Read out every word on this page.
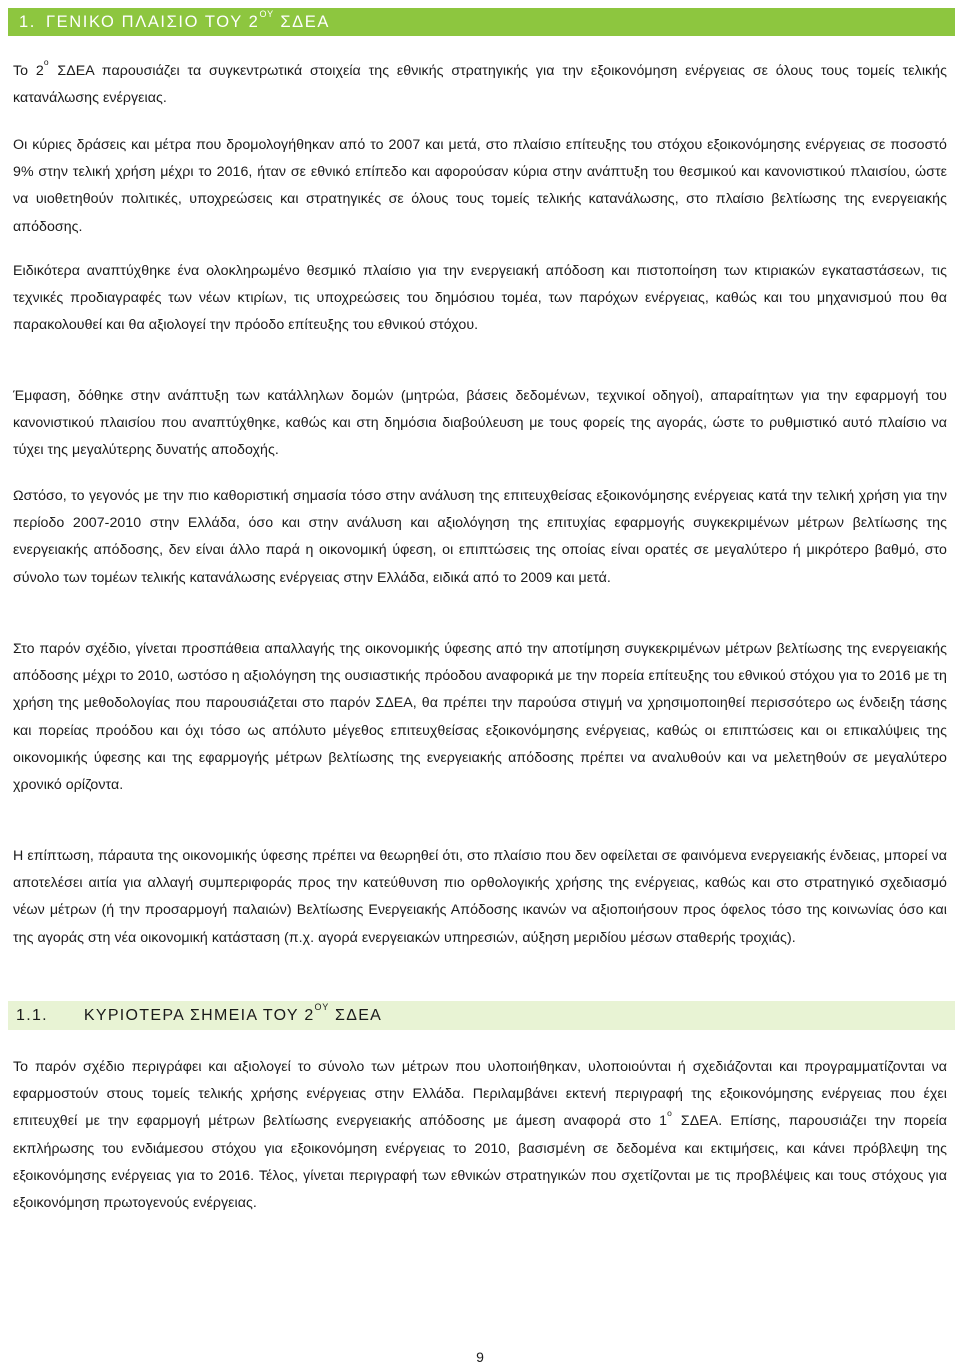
1. ΓΕΝΙΚΟ ΠΛΑΙΣΙΟ ΤΟΥ $2^{O\Upsilon}$ ΣΔΕΑ

Το $2^o$ ΣΔΕΑ παρουσιάζει τα συγκεντρωτικά στοιχεία της εθνικής στρατηγικής για την εξοικονόμηση ενέργειας σε όλους τους τομείς τελικής κατανάλωσης ενέργειας.

Οι κύριες δράσεις και μέτρα που δρομολογήθηκαν από το 2007 και μετά, στο πλαίσιο επίτευξης του στόχου εξοικονόμησης ενέργειας σε ποσοστό 9% στην τελική χρήση μέχρι το 2016, ήταν σε εθνικό επίπεδο και αφορούσαν κύρια στην ανάπτυξη του θεσμικού και κανονιστικού πλαισίου, ώστε να υιοθετηθούν πολιτικές, υποχρεώσεις και στρατηγικές σε όλους τους τομείς τελικής κατανάλωσης, στο πλαίσιο βελτίωσης της ενεργειακής απόδοσης.

Ειδικότερα αναπτύχθηκε ένα ολοκληρωμένο θεσμικό πλαίσιο για την ενεργειακή απόδοση και πιστοποίηση των κτιριακών εγκαταστάσεων, τις τεχνικές προδιαγραφές των νέων κτιρίων, τις υποχρεώσεις του δημόσιου τομέα, των παρόχων ενέργειας, καθώς και του μηχανισμού που θα παρακολουθεί και θα αξιολογεί την πρόοδο επίτευξης του εθνικού στόχου.

Έμφαση, δόθηκε στην ανάπτυξη των κατάλληλων δομών (μητρώα, βάσεις δεδομένων, τεχνικοί οδηγοί), απαραίτητων για την εφαρμογή του κανονιστικού πλαισίου που αναπτύχθηκε, καθώς και στη δημόσια διαβούλευση με τους φορείς της αγοράς, ώστε το ρυθμιστικό αυτό πλαίσιο να τύχει της μεγαλύτερης δυνατής αποδοχής.

Ωστόσο, το γεγονός με την πιο καθοριστική σημασία τόσο στην ανάλυση της επιτευχθείσας εξοικονόμησης ενέργειας κατά την τελική χρήση για την περίοδο 2007-2010 στην Ελλάδα, όσο και στην ανάλυση και αξιολόγηση της επιτυχίας εφαρμογής συγκεκριμένων μέτρων βελτίωσης της ενεργειακής απόδοσης, δεν είναι άλλο παρά η οικονομική ύφεση, οι επιπτώσεις της οποίας είναι ορατές σε μεγαλύτερο ή μικρότερο βαθμό, στο σύνολο των τομέων τελικής κατανάλωσης ενέργειας στην Ελλάδα, ειδικά από το 2009 και μετά.

Στο παρόν σχέδιο, γίνεται προσπάθεια απαλλαγής της οικονομικής ύφεσης από την αποτίμηση συγκεκριμένων μέτρων βελτίωσης της ενεργειακής απόδοσης μέχρι το 2010, ωστόσο η αξιολόγηση της ουσιαστικής πρόοδου αναφορικά με την πορεία επίτευξης του εθνικού στόχου για το 2016 με τη χρήση της μεθοδολογίας που παρουσιάζεται στο παρόν ΣΔΕΑ, θα πρέπει την παρούσα στιγμή να χρησιμοποιηθεί περισσότερο ως ένδειξη τάσης και πορείας προόδου και όχι τόσο ως απόλυτο μέγεθος επιτευχθείσας εξοικονόμησης ενέργειας, καθώς οι επιπτώσεις και οι επικαλύψεις της οικονομικής ύφεσης και της εφαρμογής μέτρων βελτίωσης της ενεργειακής απόδοσης πρέπει να αναλυθούν και να μελετηθούν σε μεγαλύτερο χρονικό ορίζοντα.

Η επίπτωση, πάραυτα της οικονομικής ύφεσης πρέπει να θεωρηθεί ότι, στο πλαίσιο που δεν οφείλεται σε φαινόμενα ενεργειακής ένδειας, μπορεί να αποτελέσει αιτία για αλλαγή συμπεριφοράς προς την κατεύθυνση πιο ορθολογικής χρήσης της ενέργειας, καθώς και στο στρατηγικό σχεδιασμό νέων μέτρων (ή την προσαρμογή παλαιών) Βελτίωσης Ενεργειακής Απόδοσης ικανών να αξιοποιήσουν προς όφελος τόσο της κοινωνίας όσο και της αγοράς στη νέα οικονομική κατάσταση (π.χ. αγορά ενεργειακών υπηρεσιών, αύξηση μεριδίου μέσων σταθερής τροχιάς).

1.1. ΚΥΡΙΟΤΕΡΑ ΣΗΜΕΙΑ ΤΟΥ $2^{O\Upsilon}$ ΣΔΕΑ

Το παρόν σχέδιο περιγράφει και αξιολογεί το σύνολο των μέτρων που υλοποιήθηκαν, υλοποιούνται ή σχεδιάζονται και προγραμματίζονται να εφαρμοστούν στους τομείς τελικής χρήσης ενέργειας στην Ελλάδα. Περιλαμβάνει εκτενή περιγραφή της εξοικονόμησης ενέργειας που έχει επιτευχθεί με την εφαρμογή μέτρων βελτίωσης ενεργειακής απόδοσης με άμεση αναφορά στο $1^o$ ΣΔΕΑ. Επίσης, παρουσιάζει την πορεία εκπλήρωσης του ενδιάμεσου στόχου για εξοικονόμηση ενέργειας το 2010, βασισμένη σε δεδομένα και εκτιμήσεις, και κάνει πρόβλεψη της εξοικονόμησης ενέργειας για το 2016. Τέλος, γίνεται περιγραφή των εθνικών στρατηγικών που σχετίζονται με τις προβλέψεις και τους στόχους για εξοικονόμηση πρωτογενούς ενέργειας.

9
